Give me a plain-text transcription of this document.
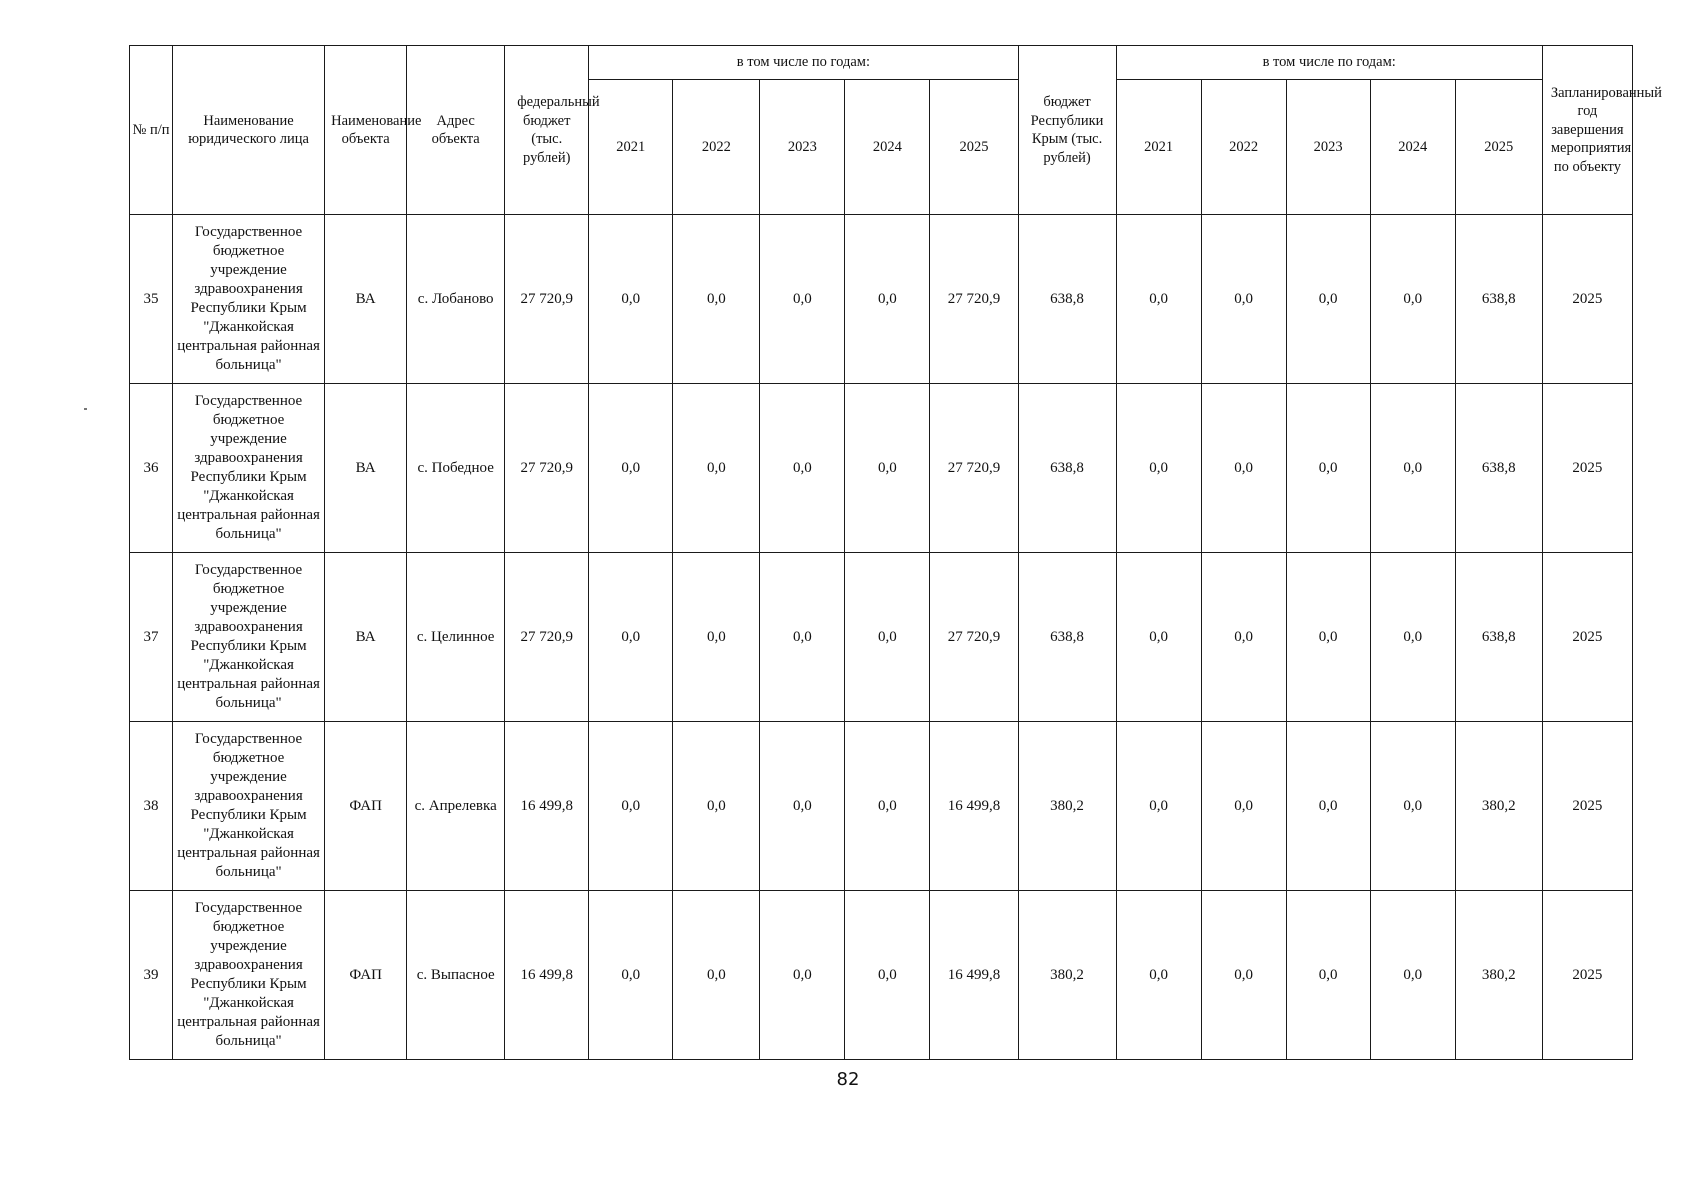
№ п/п	Наименование юридического лица	Наименование объекта	Адрес объекта	федеральный бюджет (тыс. рублей)	в том числе по годам:					бюджет Республики Крым (тыс. рублей)	в том числе по годам:					Запланированный год завершения мероприятия по объекту
					2021	2022	2023	2024	2025		2021	2022	2023	2024	2025	
35	Государственное бюджетное учреждение здравоохранения Республики Крым "Джанкойская центральная районная больница"	ВА	с. Лобаново	27 720,9	0,0	0,0	0,0	0,0	27 720,9	638,8	0,0	0,0	0,0	0,0	638,8	2025
36	Государственное бюджетное учреждение здравоохранения Республики Крым "Джанкойская центральная районная больница"	ВА	с. Победное	27 720,9	0,0	0,0	0,0	0,0	27 720,9	638,8	0,0	0,0	0,0	0,0	638,8	2025
37	Государственное бюджетное учреждение здравоохранения Республики Крым "Джанкойская центральная районная больница"	ВА	с. Целинное	27 720,9	0,0	0,0	0,0	0,0	27 720,9	638,8	0,0	0,0	0,0	0,0	638,8	2025
38	Государственное бюджетное учреждение здравоохранения Республики Крым "Джанкойская центральная районная больница"	ФАП	с. Апрелевка	16 499,8	0,0	0,0	0,0	0,0	16 499,8	380,2	0,0	0,0	0,0	0,0	380,2	2025
39	Государственное бюджетное учреждение здравоохранения Республики Крым "Джанкойская центральная районная больница"	ФАП	с. Выпасное	16 499,8	0,0	0,0	0,0	0,0	16 499,8	380,2	0,0	0,0	0,0	0,0	380,2	2025
82
